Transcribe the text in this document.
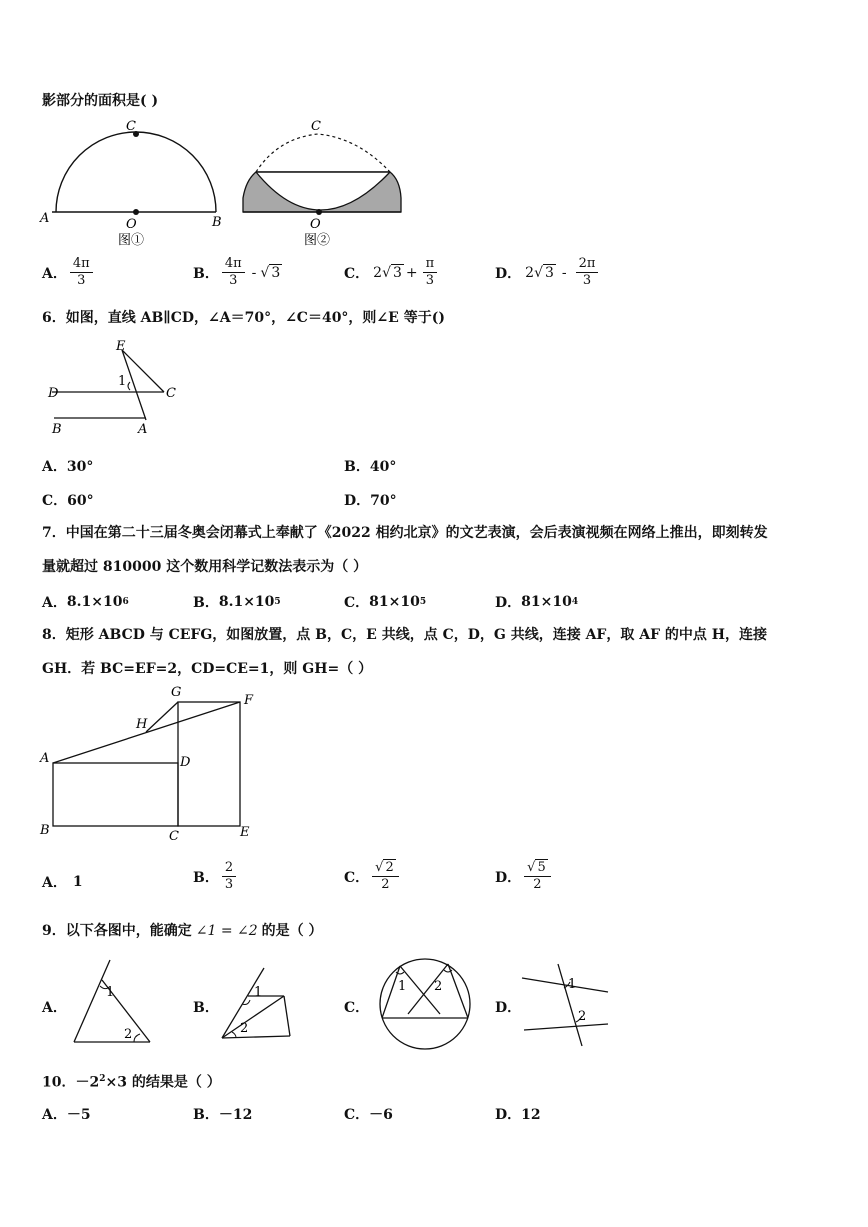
影部分的面积是( )
C
A	B
O
图①
C
O
图②
A． $\frac{4\pi}{3}$	B． $\frac{4\pi}{3}$ - √ 3	C． 2 √ $3 + \frac{\pi}{3}$	D． 2 √ $3 - \frac{2\pi}{3}$
6．如图，直线 AB∥CD，∠A＝70°，∠C＝40°，则∠E 等于()
E
1
D	C
B	A
A．30°	B．40°
C．60°	D．70°
7．中国在第二十三届冬奥会闭幕式上奉献了《2022 相约北京》的文艺表演，会后表演视频在网络上推出，即刻转发
量就超过 810000 这个数用科学记数法表示为（ ）
A． 8.1×10 6	B． 8.1×10 5	C． 81×10 5	D． 81×10 4
8．矩形 ABCD 与 CEFG，如图放置，点 B，C，E 共线，点 C，D，G 共线，连接 AF，取 AF 的中点 H，连接
GH．若 BC=EF=2，CD=CE=1，则 GH=（ ）
G
F
H
A	D
B	C	E
A． 1	B． $\frac{2}{3}$	C． $\frac{√ 2}{2}$	D． $\frac{√ 5}{2}$
9．以下各图中，能确定 ∠1 = ∠2 的是（ ）
A．
1
2
B．
1
2
C．
1 2
D．
1
2
10．$-2^2\times 3$ 的结果是（ ）
A．－5	B．－12	C．－6	D．12
